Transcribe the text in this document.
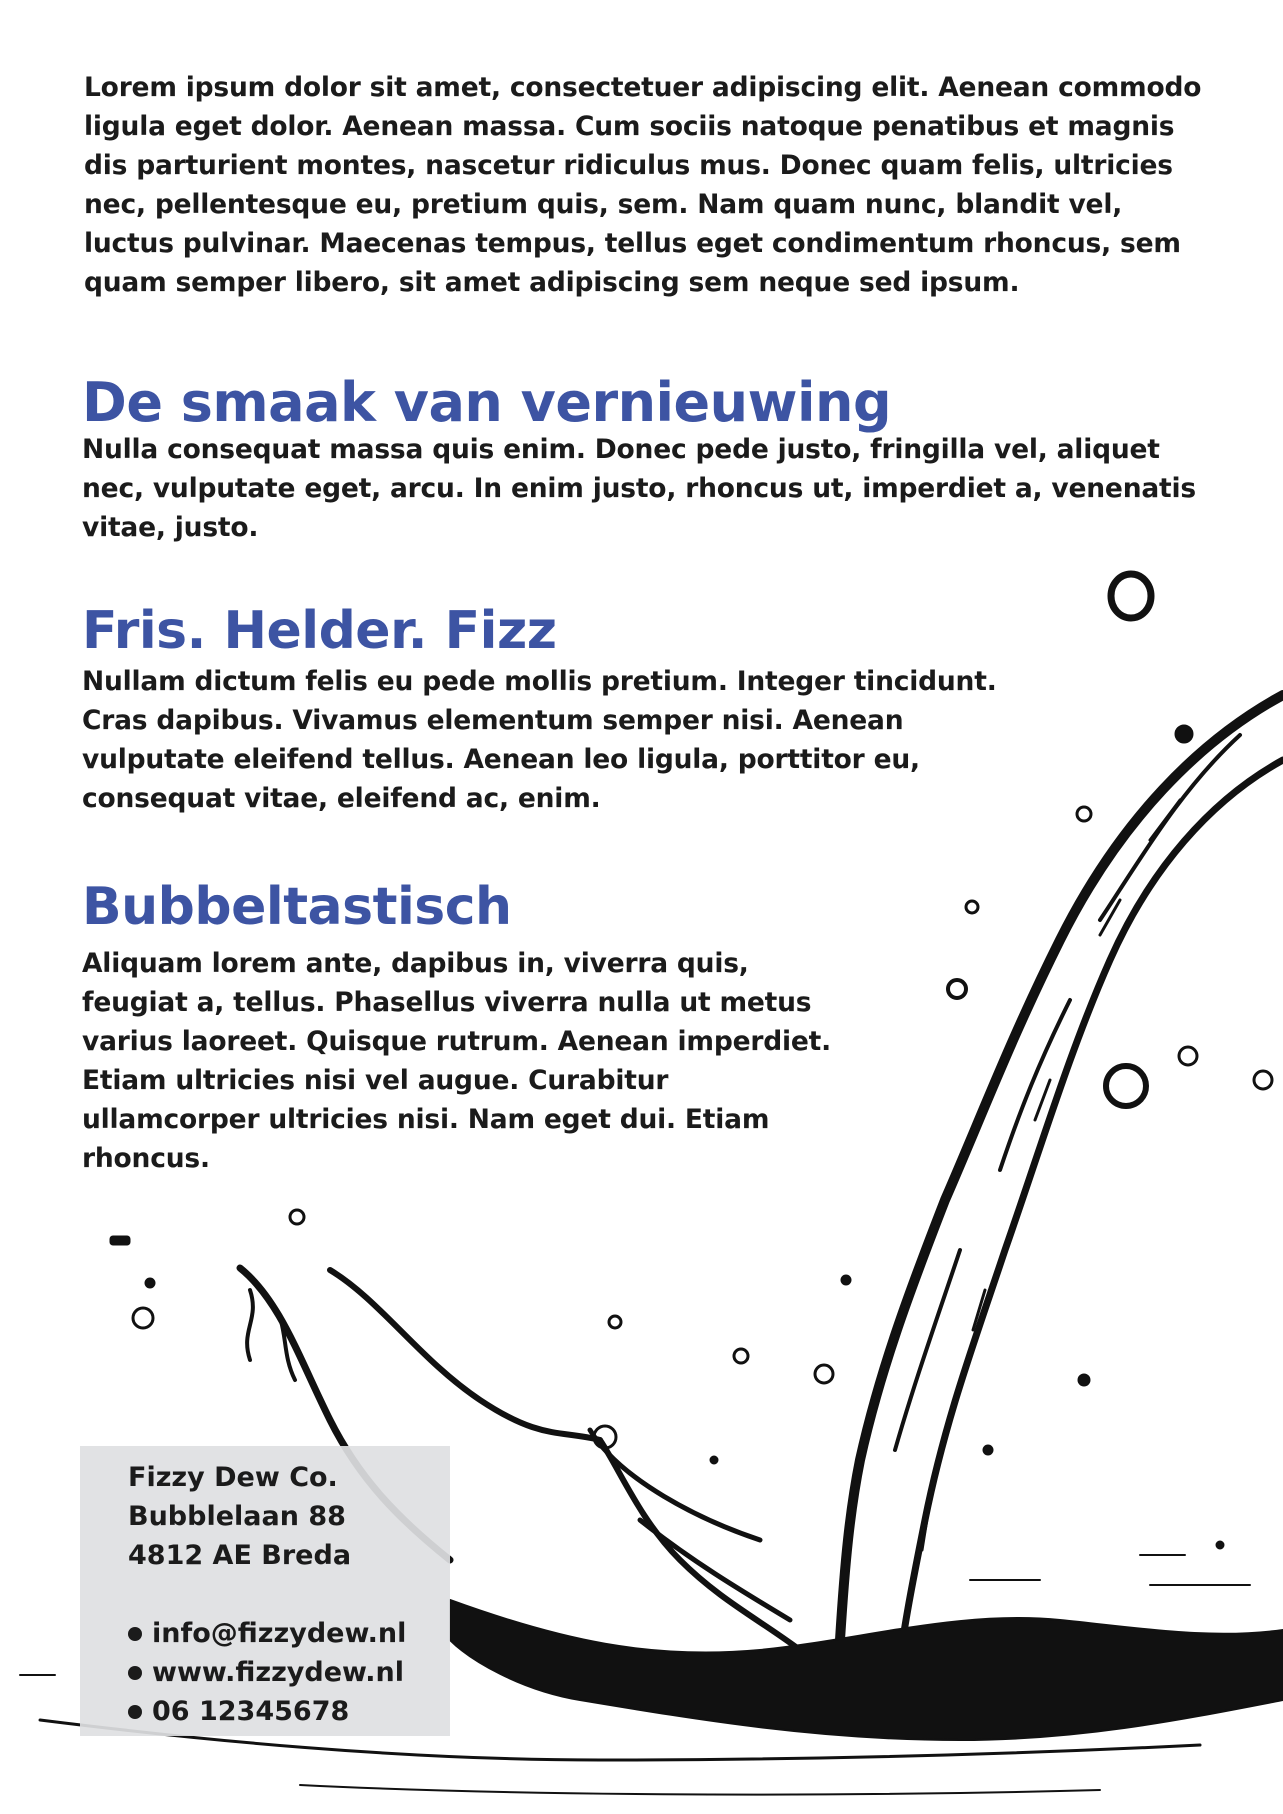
Lorem ipsum dolor sit amet, consectetuer adipiscing elit. Aenean commodo ligula eget dolor. Aenean massa. Cum sociis natoque penatibus et magnis dis parturient montes, nascetur ridiculus mus. Donec quam felis, ultricies nec, pellentesque eu, pretium quis, sem. Nam quam nunc, blandit vel, luctus pulvinar. Maecenas tempus, tellus eget condimentum rhoncus, sem quam semper libero, sit amet adipiscing sem neque sed ipsum.

De smaak van vernieuwing

Nulla consequat massa quis enim. Donec pede justo, fringilla vel, aliquet nec, vulputate eget, arcu. In enim justo, rhoncus ut, imperdiet a, venenatis vitae, justo.

Fris. Helder. Fizz

Nullam dictum felis eu pede mollis pretium. Integer tincidunt. Cras dapibus. Vivamus elementum semper nisi. Aenean vulputate eleifend tellus. Aenean leo ligula, porttitor eu, consequat vitae, eleifend ac, enim.

Bubbeltastisch

Aliquam lorem ante, dapibus in, viverra quis, feugiat a, tellus. Phasellus viverra nulla ut metus varius laoreet. Quisque rutrum. Aenean imperdiet. Etiam ultricies nisi vel augue. Curabitur ullamcorper ultricies nisi. Nam eget dui. Etiam rhoncus.

Fizzy Dew Co.
Bubblelaan 88
4812 AE Breda
info@fizzydew.nl
www.fizzydew.nl
06 12345678
